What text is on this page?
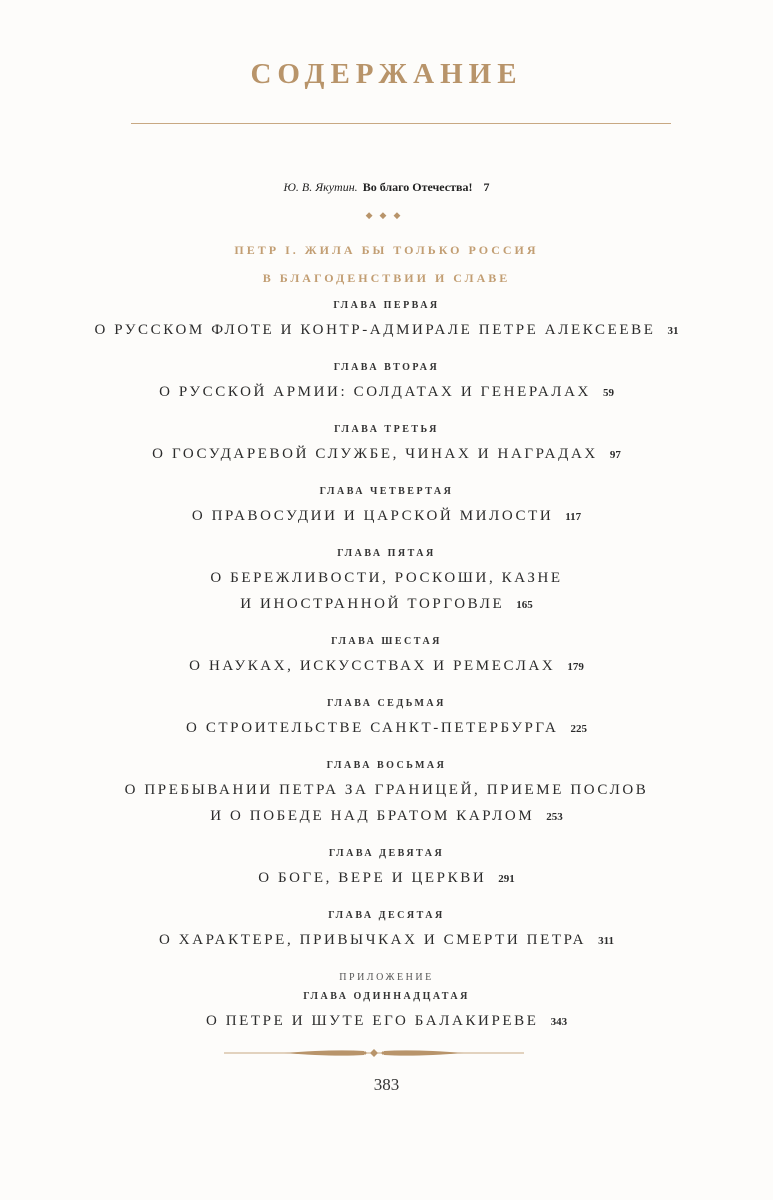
СОДЕРЖАНИЕ
Ю. В. Якутин. Во благо Отечества! 7
◆◆◆
ПЕТР I. ЖИЛА БЫ ТОЛЬКО РОССИЯ
В БЛАГОДЕНСТВИИ И СЛАВЕ
ГЛАВА ПЕРВАЯ
О РУССКОМ ФЛОТЕ И КОНТР-АДМИРАЛЕ ПЕТРЕ АЛЕКСЕЕВЕ 31
ГЛАВА ВТОРАЯ
О РУССКОЙ АРМИИ: СОЛДАТАХ И ГЕНЕРАЛАХ 59
ГЛАВА ТРЕТЬЯ
О ГОСУДАРЕВОЙ СЛУЖБЕ, ЧИНАХ И НАГРАДАХ 97
ГЛАВА ЧЕТВЕРТАЯ
О ПРАВОСУДИИ И ЦАРСКОЙ МИЛОСТИ 117
ГЛАВА ПЯТАЯ
О БЕРЕЖЛИВОСТИ, РОСКОШИ, КАЗНЕ
И ИНОСТРАННОЙ ТОРГОВЛЕ 165
ГЛАВА ШЕСТАЯ
О НАУКАХ, ИСКУССТВАХ И РЕМЕСЛАХ 179
ГЛАВА СЕДЬМАЯ
О СТРОИТЕЛЬСТВЕ САНКТ-ПЕТЕРБУРГА 225
ГЛАВА ВОСЬМАЯ
О ПРЕБЫВАНИИ ПЕТРА ЗА ГРАНИЦЕЙ, ПРИЕМЕ ПОСЛОВ
И О ПОБЕДЕ НАД БРАТОМ КАРЛОМ 253
ГЛАВА ДЕВЯТАЯ
О БОГЕ, ВЕРЕ И ЦЕРКВИ 291
ГЛАВА ДЕСЯТАЯ
О ХАРАКТЕРЕ, ПРИВЫЧКАХ И СМЕРТИ ПЕТРА 311
ПРИЛОЖЕНИЕ
ГЛАВА ОДИННАДЦАТАЯ
О ПЕТРЕ И ШУТЕ ЕГО БАЛАКИРЕВЕ 343
383
